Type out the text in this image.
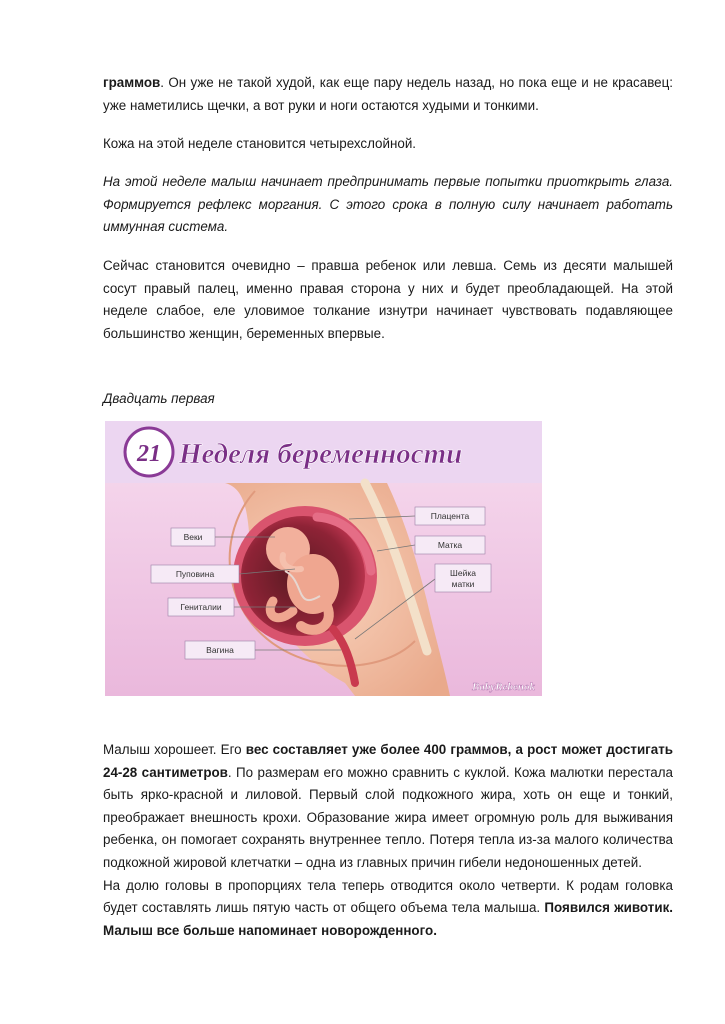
граммов. Он уже не такой худой, как еще пару недель назад, но пока еще и не красавец: уже наметились щечки, а вот руки и ноги остаются худыми и тонкими.

Кожа на этой неделе становится четырехслойной.

На этой неделе малыш начинает предпринимать первые попытки приоткрыть глаза. Формируется рефлекс моргания. С этого срока в полную силу начинает работать иммунная система.

Сейчас становится очевидно – правша ребенок или левша. Семь из десяти малышей сосут правый палец, именно правая сторона у них и будет преобладающей. На этой неделе слабое, еле уловимое толкание изнутри начинает чувствовать подавляющее большинство женщин, беременных впервые.

Двадцать первая

Малыш хорошеет. Его вес составляет уже более 400 граммов, а рост может достигать 24-28 сантиметров. По размерам его можно сравнить с куклой. Кожа малютки перестала быть ярко-красной и лиловой. Первый слой подкожного жира, хоть он еще и тонкий, преображает внешность крохи. Образование жира имеет огромную роль для выживания ребенка, он помогает сохранять внутреннее тепло. Потеря тепла из-за малого количества подкожной жировой клетчатки – одна из главных причин гибели недоношенных детей.
На долю головы в пропорциях тела теперь отводится около четверти. К родам головка будет составлять лишь пятую часть от общего объема тела малыша. Появился животик. Малыш все больше напоминает новорожденного.

21 Неделя беременности
Веки
Пуповина
Гениталии
Вагина
Плацента
Матка
Шейка
матки
BabyRebenok
